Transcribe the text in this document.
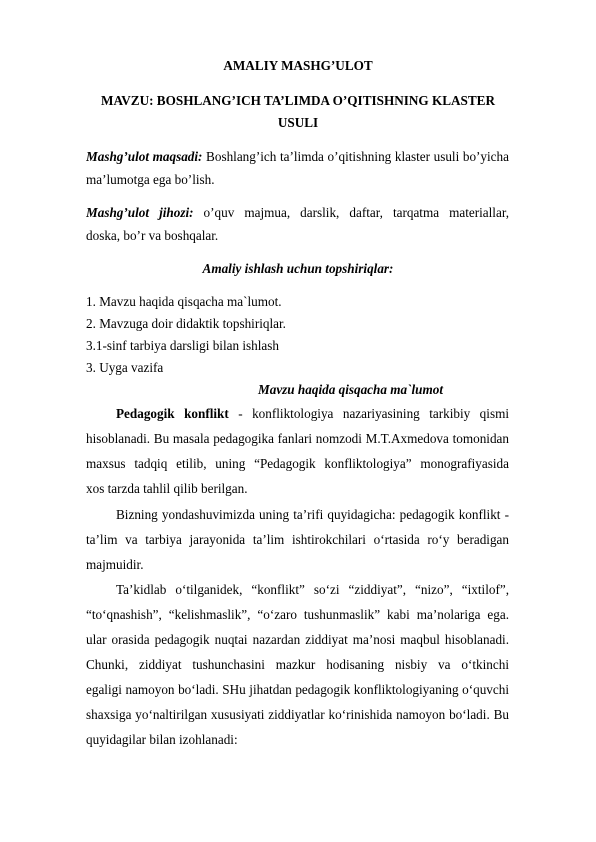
AMALIY MASHG’ULOT
MAVZU: BOSHLANG’ICH TA’LIMDA O’QITISHNING KLASTER
USULI
Mashg’ulot maqsadi: Boshlang’ich ta’limda o’qitishning klaster usuli bo’yicha
ma’lumotga ega bo’lish.
Mashg’ulot jihozi: o’quv majmua, darslik, daftar, tarqatma materiallar,
doska, bo’r va boshqalar.
Amaliy ishlash uchun topshiriqlar:
1. Mavzu haqida qisqacha ma`lumot.
2. Mavzuga doir didaktik topshiriqlar.
3.1-sinf tarbiya darsligi bilan ishlash
3. Uyga vazifa
Mavzu haqida qisqacha ma`lumot
Pedagogik konflikt - konfliktologiya nazariyasining tarkibiy qismi
hisoblanadi. Bu masala pedagogika fanlari nomzodi M.T.Axmedova tomonidan
maxsus tadqiq etilib, uning “Pedagogik konfliktologiya” monografiyasida
xos tarzda tahlil qilib berilgan.
Bizning yondashuvimizda uning ta’rifi quyidagicha: pedagogik konflikt -
ta’lim va tarbiya jarayonida ta’lim ishtirokchilari o‘rtasida ro‘y beradigan
majmuidir.
Ta’kidlab o‘tilganidek, “konflikt” so‘zi “ziddiyat”, “nizo”, “ixtilof”,
“to‘qnashish”, “kelishmaslik”, “o‘zaro tushunmaslik” kabi ma’nolariga ega.
ular orasida pedagogik nuqtai nazardan ziddiyat ma’nosi maqbul hisoblanadi.
Chunki, ziddiyat tushunchasini mazkur hodisaning nisbiy va o‘tkinchi
egaligi namoyon bo‘ladi. SHu jihatdan pedagogik konfliktologiyaning o‘quvchi
shaxsiga yo‘naltirilgan xususiyati ziddiyatlar ko‘rinishida namoyon bo‘ladi. Bu
quyidagilar bilan izohlanadi:
